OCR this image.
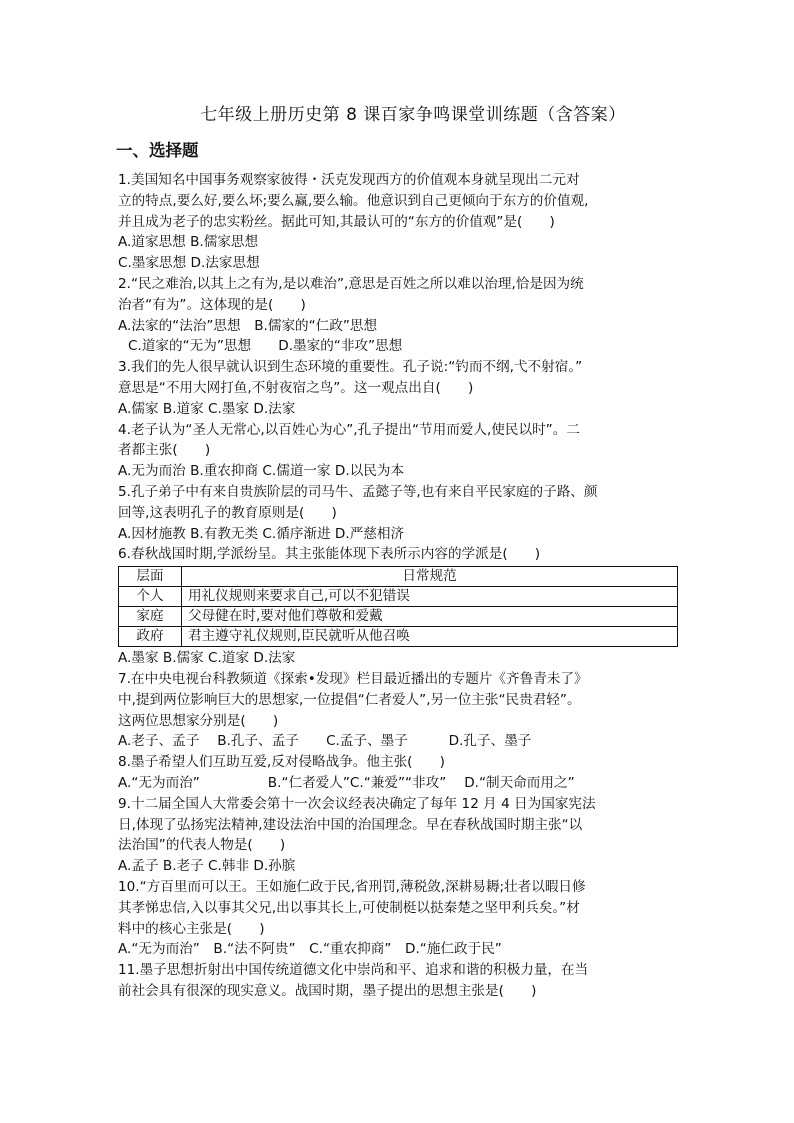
七年级上册历史第 8 课百家争鸣课堂训练题（含答案）
一、选择题

1.美国知名中国事务观察家彼得・沃克发现西方的价值观本身就呈现出二元对
立的特点,要么好,要么坏;要么赢,要么输。他意识到自己更倾向于东方的价值观,
并且成为老子的忠实粉丝。据此可知,其最认可的“东方的价值观”是(　　)

A.道家思想 B.儒家思想
C.墨家思想 D.法家思想

2.“民之难治,以其上之有为,是以难治”,意思是百姓之所以难以治理,恰是因为统
治者“有为”。这体现的是(　　)

A.法家的“法治”思想　B.儒家的“仁政”思想
C.道家的“无为”思想　　D.墨家的“非攻”思想

3.我们的先人很早就认识到生态环境的重要性。孔子说:“钓而不纲,弋不射宿。”
意思是“不用大网打鱼,不射夜宿之鸟”。这一观点出自(　　)

A.儒家 B.道家 C.墨家 D.法家

4.老子认为“圣人无常心,以百姓心为心”,孔子提出“节用而爱人,使民以时”。二
者都主张(　　)

A.无为而治 B.重农抑商 C.儒道一家 D.以民为本

5.孔子弟子中有来自贵族阶层的司马牛、孟懿子等,也有来自平民家庭的子路、颜
回等,这表明孔子的教育原则是(　　)

A.因材施教 B.有教无类 C.循序渐进 D.严慈相济

6.春秋战国时期,学派纷呈。其主张能体现下表所示内容的学派是(　　)

层面	日常规范
个人	用礼仪规则来要求自己,可以不犯错误
家庭	父母健在时,要对他们尊敬和爱戴
政府	君主遵守礼仪规则,臣民就听从他召唤
A.墨家 B.儒家 C.道家 D.法家

7.在中央电视台科教频道《探索•发现》栏目最近播出的专题片《齐鲁青未了》
中,提到两位影响巨大的思想家,一位提倡“仁者爱人”,另一位主张“民贵君轻”。
这两位思想家分别是(　　)

A.老子、孟子　 B.孔子、孟子　　C.孟子、墨子　　　D.孔子、墨子

8.墨子希望人们互助互爱,反对侵略战争。他主张(　　)

A.“无为而治”　　　　　B.“仁者爱人”C.“兼爱”“非攻”　 D.“制天命而用之”

9.十二届全国人大常委会第十一次会议经表决确定了每年 12 月 4 日为国家宪法
日,体现了弘扬宪法精神,建设法治中国的治国理念。早在春秋战国时期主张“以
法治国”的代表人物是(　　)

A.孟子 B.老子 C.韩非 D.孙膑

10.“方百里而可以王。王如施仁政于民,省刑罚,薄税敛,深耕易耨;壮者以暇日修
其孝悌忠信,入以事其父兄,出以事其长上,可使制梃以挞秦楚之坚甲利兵矣。”材
料中的核心主张是(　　)

A.“无为而治”　B.“法不阿贵”　C.“重农抑商”　D.“施仁政于民”

11.墨子思想折射出中国传统道德文化中崇尚和平、追求和谐的积极力量，在当
前社会具有很深的现实意义。战国时期，墨子提出的思想主张是(　　)
